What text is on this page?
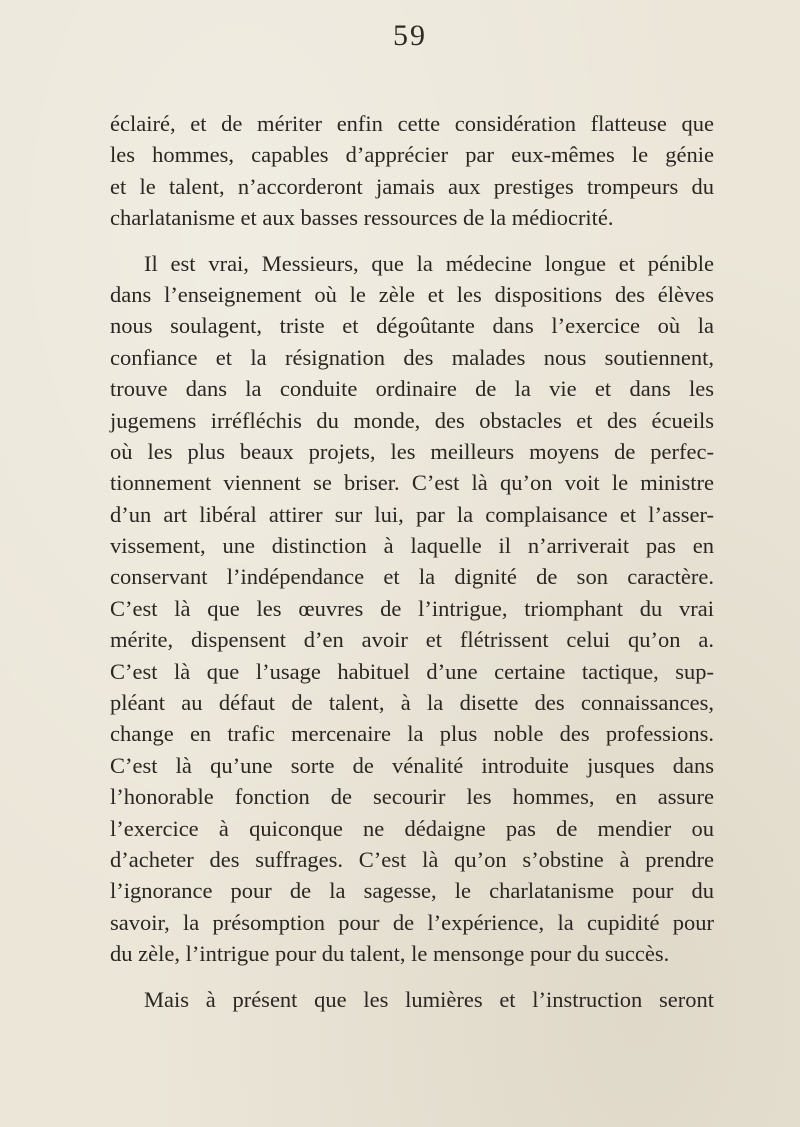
59
éclairé, et de mériter enfin cette considération flatteuse que
les hommes, capables d’apprécier par eux-mêmes le génie
et le talent, n’accorderont jamais aux prestiges trompeurs du
charlatanisme et aux basses ressources de la médiocrité.
Il est vrai, Messieurs, que la médecine longue et pénible
dans l’enseignement où le zèle et les dispositions des élèves
nous soulagent, triste et dégoûtante dans l’exercice où la
confiance et la résignation des malades nous soutiennent,
trouve dans la conduite ordinaire de la vie et dans les
jugemens irréfléchis du monde, des obstacles et des écueils
où les plus beaux projets, les meilleurs moyens de perfec-
tionnement viennent se briser. C’est là qu’on voit le ministre
d’un art libéral attirer sur lui, par la complaisance et l’asser-
vissement, une distinction à laquelle il n’arriverait pas en
conservant l’indépendance et la dignité de son caractère.
C’est là que les œuvres de l’intrigue, triomphant du vrai
mérite, dispensent d’en avoir et flétrissent celui qu’on a.
C’est là que l’usage habituel d’une certaine tactique, sup-
pléant au défaut de talent, à la disette des connaissances,
change en trafic mercenaire la plus noble des professions.
C’est là qu’une sorte de vénalité introduite jusques dans
l’honorable fonction de secourir les hommes, en assure
l’exercice à quiconque ne dédaigne pas de mendier ou
d’acheter des suffrages. C’est là qu’on s’obstine à prendre
l’ignorance pour de la sagesse, le charlatanisme pour du
savoir, la présomption pour de l’expérience, la cupidité pour
du zèle, l’intrigue pour du talent, le mensonge pour du succès.
Mais à présent que les lumières et l’instruction seront
